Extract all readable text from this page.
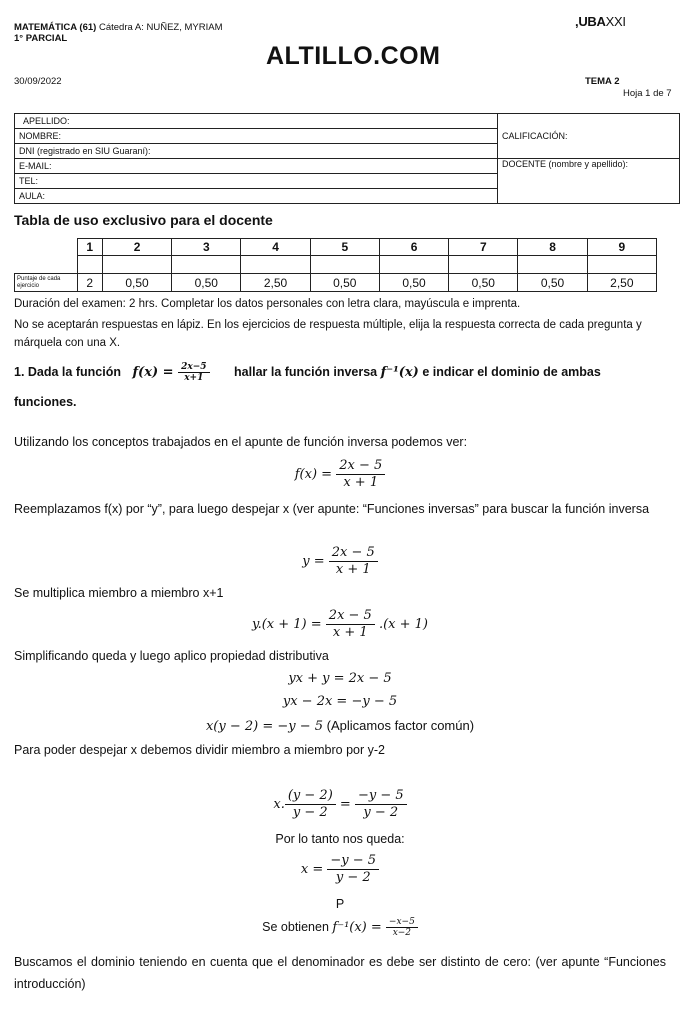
MATEMÁTICA (61) Cátedra A: NUÑEZ, MYRIAM
1° PARCIAL
,UBAXXI
ALTILLO.COM
30/09/2022	TEMA 2
Hoja 1 de 7
APELLIDO:	CALIFICACIÓN:
NOMBRE:	
DNI (registrado en SIU Guaraní):	
E-MAIL:	DOCENTE (nombre y apellido):
TEL:	
AULA:	
Tabla de uso exclusivo para el docente
	1	2	3	4	5	6	7	8	9

Puntaje de cada ejercicio	2	0,50	0,50	2,50	0,50	0,50	0,50	0,50	2,50
Duración del examen: 2 hrs. Completar los datos personales con letra clara, mayúscula e imprenta.
No se aceptarán respuestas en lápiz. En los ejercicios de respuesta múltiple, elija la respuesta correcta de cada pregunta y márquela con una X.
1. Dada la función $f(x) = \frac{2x-5}{x+1}$ hallar la función inversa f⁻¹(x) e indicar el dominio de ambas
funciones.
Utilizando los conceptos trabajados en el apunte de función inversa podemos ver:
$f(x) = \frac{2x - 5}{x + 1}$
Reemplazamos f(x) por “y”, para luego despejar x (ver apunte: “Funciones inversas” para buscar la función inversa
$y = \frac{2x - 5}{x + 1}$
Se multiplica miembro a miembro x+1
$y.(x + 1) = \frac{2x - 5}{x + 1} .(x + 1)$
Simplificando queda y luego aplico propiedad distributiva
yx + y = 2x − 5
yx − 2x = −y − 5
x(y − 2) = −y − 5 (Aplicamos factor común)
Para poder despejar x debemos dividir miembro a miembro por y-2
x. $\frac{(y - 2)}{y - 2} = \frac{-y - 5}{y - 2}$
Por lo tanto nos queda:
$x = \frac{-y - 5}{y - 2}$
P
Se obtienen $f^{-1}(x) = \frac{-x-5}{x-2}$
Buscamos el dominio teniendo en cuenta que el denominador es debe ser distinto de cero: (ver apunte “Funciones introducción)
